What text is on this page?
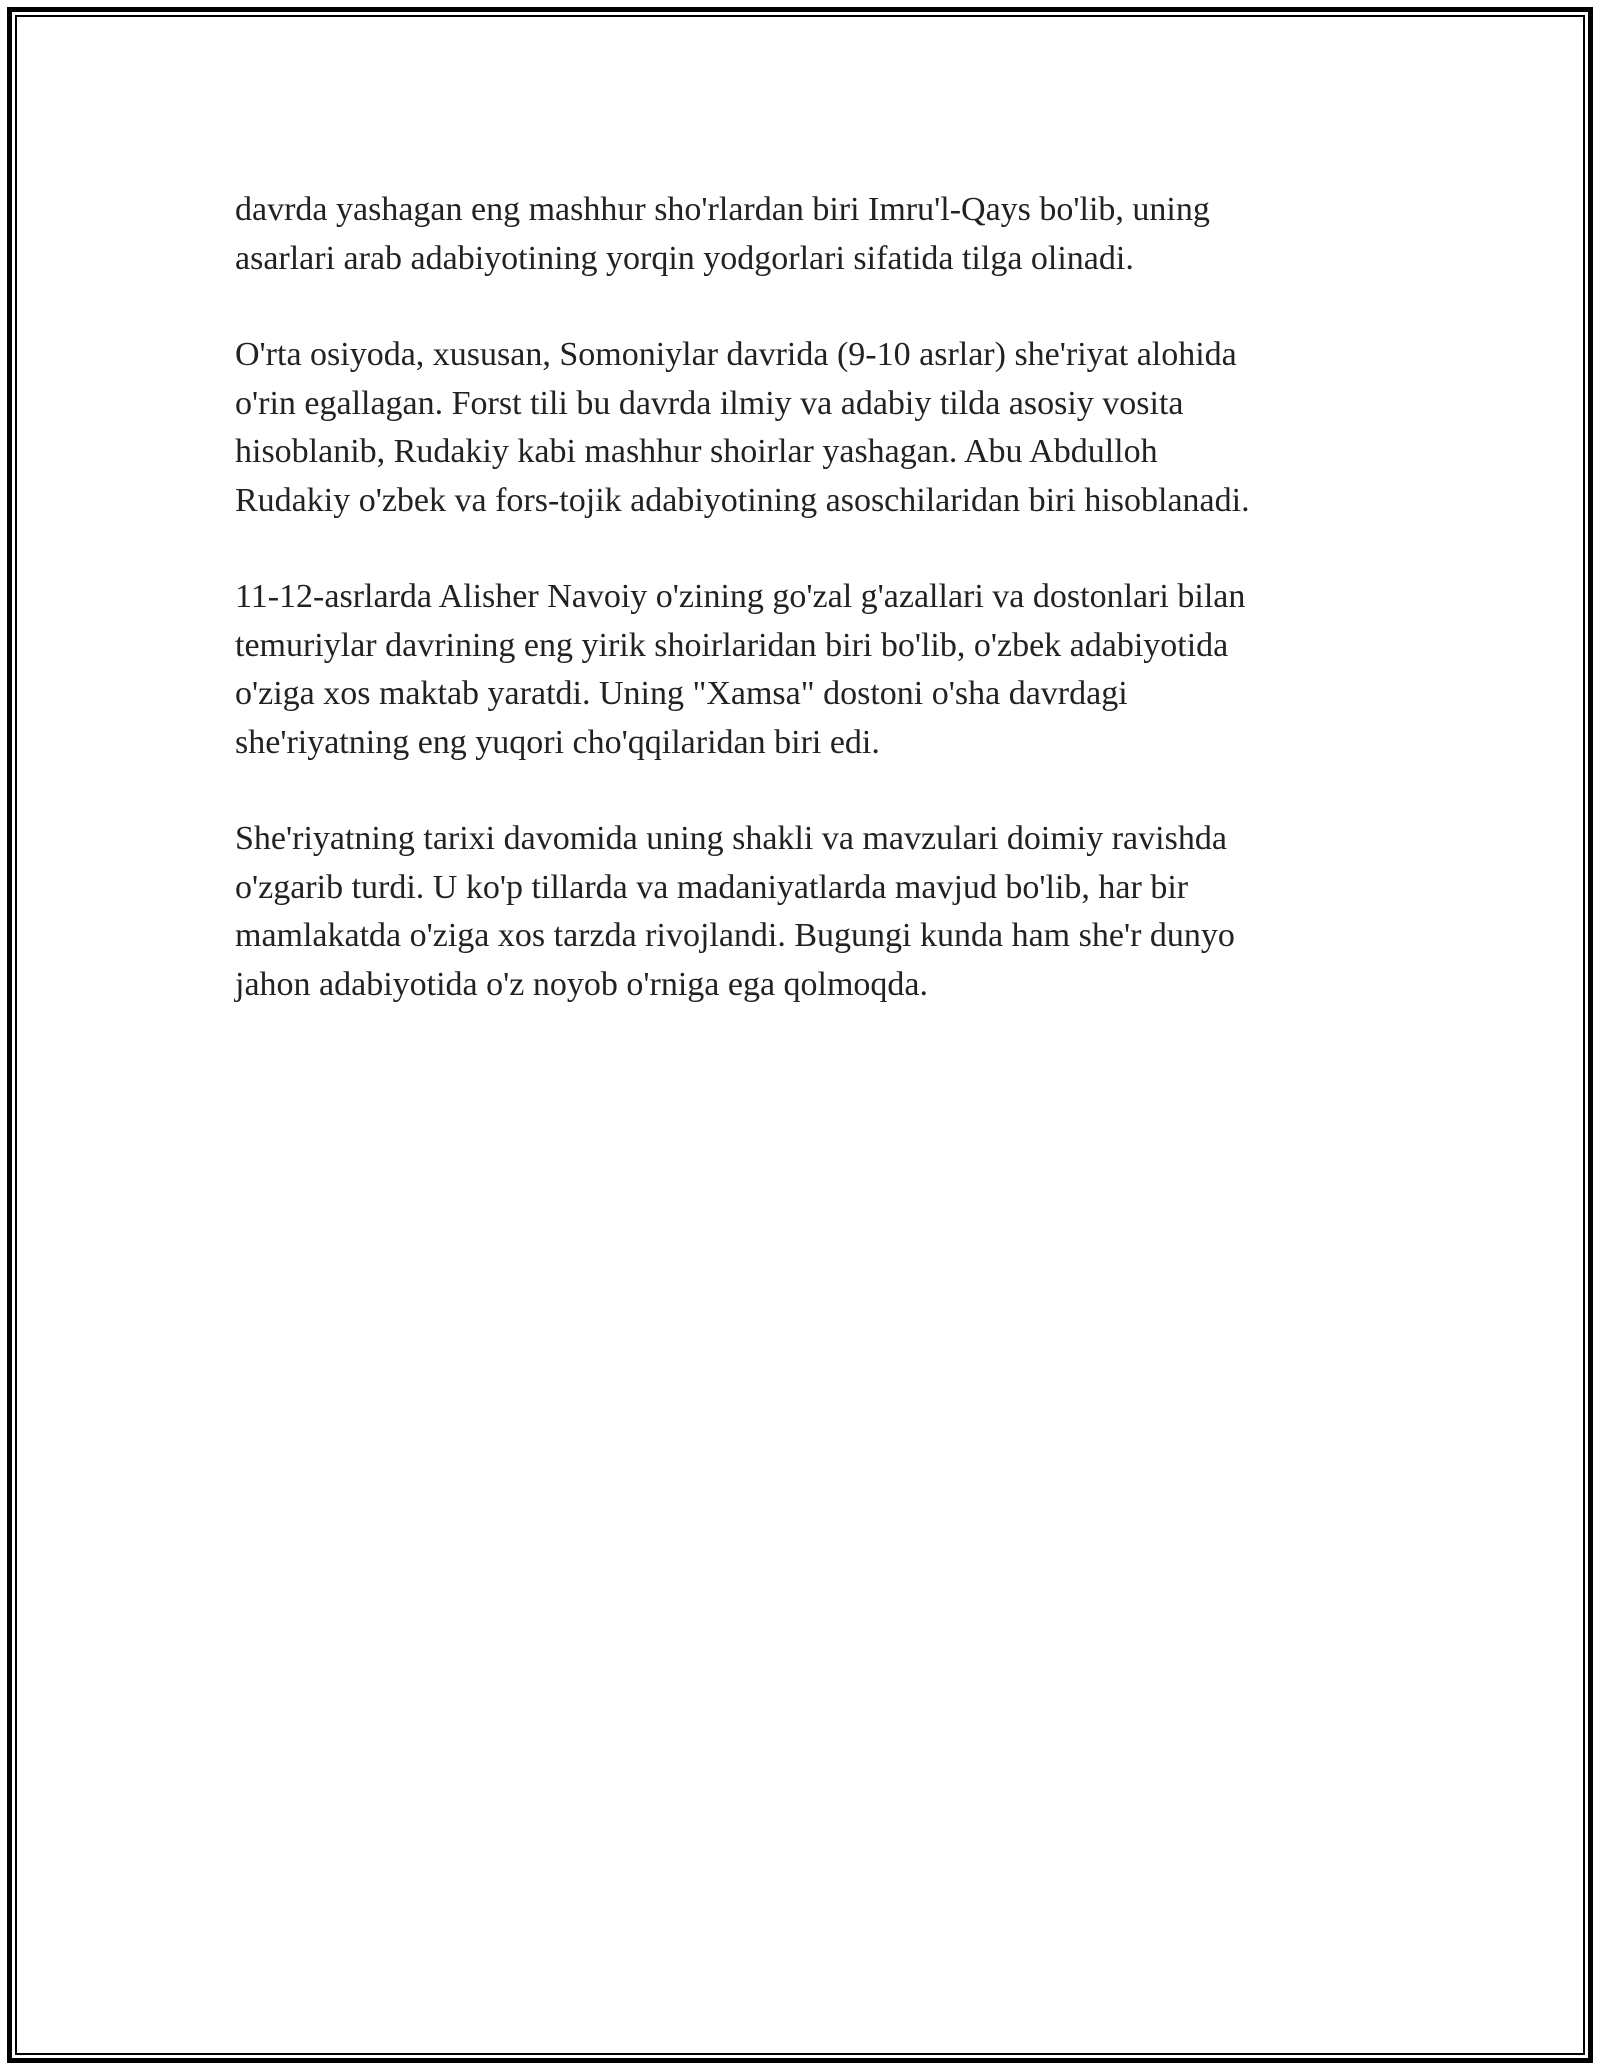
davrda yashagan eng mashhur sho'rlardan biri Imru'l-Qays bo'lib, uning
asarlari arab adabiyotining yorqin yodgorlari sifatida tilga olinadi.

O'rta osiyoda, xususan, Somoniylar davrida (9-10 asrlar) she'riyat alohida
o'rin egallagan. Forst tili bu davrda ilmiy va adabiy tilda asosiy vosita
hisoblanib, Rudakiy kabi mashhur shoirlar yashagan. Abu Abdulloh
Rudakiy o'zbek va fors-tojik adabiyotining asoschilaridan biri hisoblanadi.

11-12-asrlarda Alisher Navoiy o'zining go'zal g'azallari va dostonlari bilan
temuriylar davrining eng yirik shoirlaridan biri bo'lib, o'zbek adabiyotida
o'ziga xos maktab yaratdi. Uning "Xamsa" dostoni o'sha davrdagi
she'riyatning eng yuqori cho'qqilaridan biri edi.

She'riyatning tarixi davomida uning shakli va mavzulari doimiy ravishda
o'zgarib turdi. U ko'p tillarda va madaniyatlarda mavjud bo'lib, har bir
mamlakatda o'ziga xos tarzda rivojlandi. Bugungi kunda ham she'r dunyo
jahon adabiyotida o'z noyob o'rniga ega qolmoqda.
